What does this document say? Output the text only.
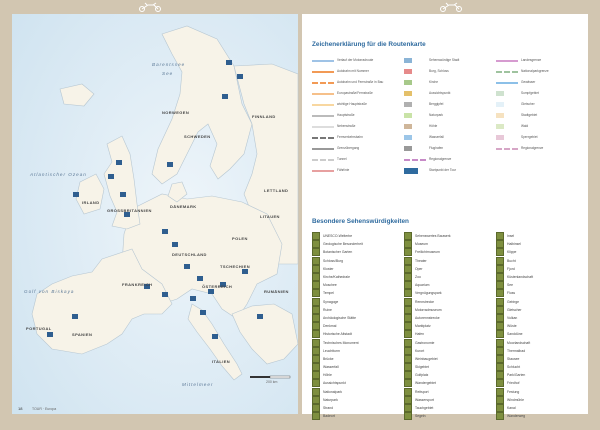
Barentssee
See
Atlantischer Ozean
Golf von Biskaya
Mittelmeer
IRLAND
GROSSBRITANNIEN
FRANKREICH
SPANIEN
PORTUGAL
DEUTSCHLAND
POLEN
SCHWEDEN
FINNLAND
NORWEGEN
DÄNEMARK
LETTLAND
ITALIEN
ÖSTERREICH
TSCHECHIEN
LITAUEN
RUMÄNIEN
200 km
18	TOUR · Europa
Zeichenerklärung für die Routenkarte
Verlauf der Motorradroute
Autobahn mit Nummer
Autobahn und Fernstraße in Bau
Europastraße/Fernstraße
wichtige Hauptstraße
Hauptstraße
Nebenstraße
Fernverkehrsbahn
Grenzübergang
Tunnel
Fährlinie
Sehenswürdige Stadt
Burg, Schloss
Kirche
Aussichtspunkt
Berggipfel
Naturpark
Höhle
Wasserfall
Flughafen
Regionalgrenze
Startpunkt der Tour
Landesgrenze
Nationalparkgrenze
Gewässer
Sumpfgebiet
Gletscher
Stadtgebiet
Wald
Sperrgebiet
Regionalgrenze
Besondere Sehenswürdigkeiten
UNESCO-Welterbe
Geologische Besonderheit
Botanischer Garten
Schloss/Burg
Kloster
Kirche/Kathedrale
Moschee
Tempel
Synagoge
Ruine
Archäologische Stätte
Denkmal
Historische Altstadt
Technisches Monument
Leuchtturm
Brücke
Wasserfall
Höhle
Aussichtspunkt
Nationalpark
Naturpark
Strand
Badeort
Sehenswertes Bauwerk
Museum
Freilichtmuseum
Theater
Oper
Zoo
Aquarium
Vergnügungspark
Rennstrecke
Motorradmuseum
Autorennstrecke
Marktplatz
Hafen
Gastronomie
Kurort
Weinbaugebiet
Skigebiet
Golfplatz
Wandergebiet
Reitsport
Wassersport
Tauchgebiet
Segeln
Insel
Halbinsel
Klippe
Bucht
Fjord
Küstenlandschaft
See
Fluss
Gebirge
Gletscher
Vulkan
Wüste
Sanddüne
Moorlandschaft
Thermalbad
Stausee
Schlucht
Park/Garten
Friedhof
Festung
Windmühle
Kanal
Wanderweg
